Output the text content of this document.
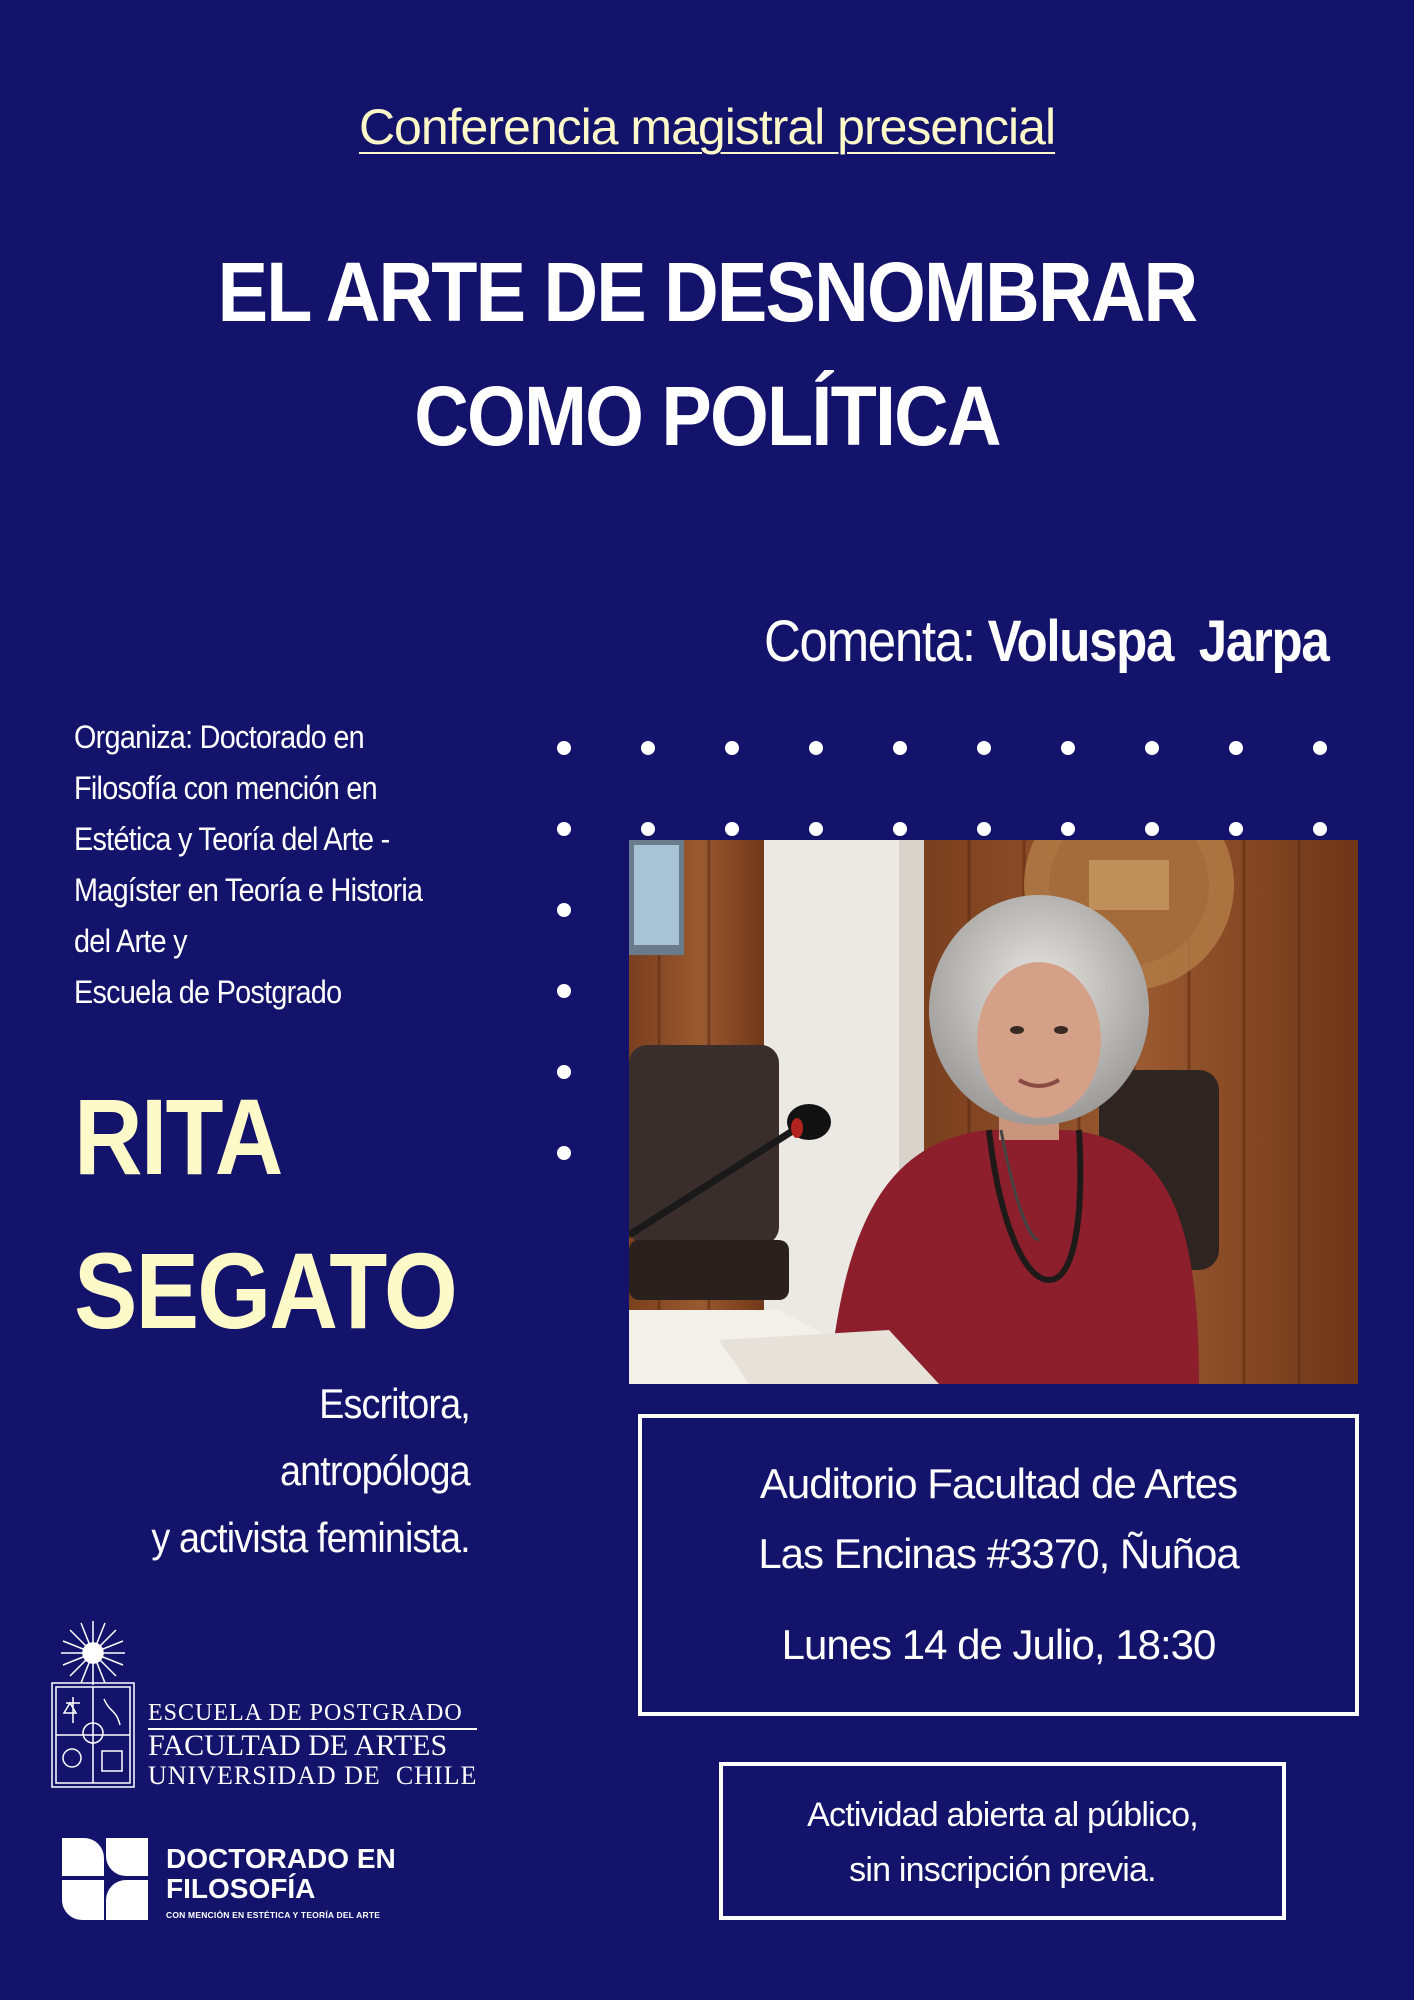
Conferencia magistral presencial
EL ARTE DE DESNOMBRAR
COMO POLÍTICA
Comenta: Voluspa  Jarpa
Organiza: Doctorado en
Filosofía con mención en
Estética y Teoría del Arte -
Magíster en Teoría e Historia
del Arte y
Escuela de Postgrado
RITA
SEGATO
Escritora,
antropóloga
y activista feminista.
Auditorio Facultad de Artes
Las Encinas #3370, Ñuñoa
Lunes 14 de Julio, 18:30
Actividad abierta al público,
sin inscripción previa.
ESCUELA DE POSTGRADO
FACULTAD DE ARTES
UNIVERSIDAD DE  CHILE
DOCTORADO EN
FILOSOFÍA
CON MENCIÓN EN ESTÉTICA Y TEORÍA DEL ARTE
